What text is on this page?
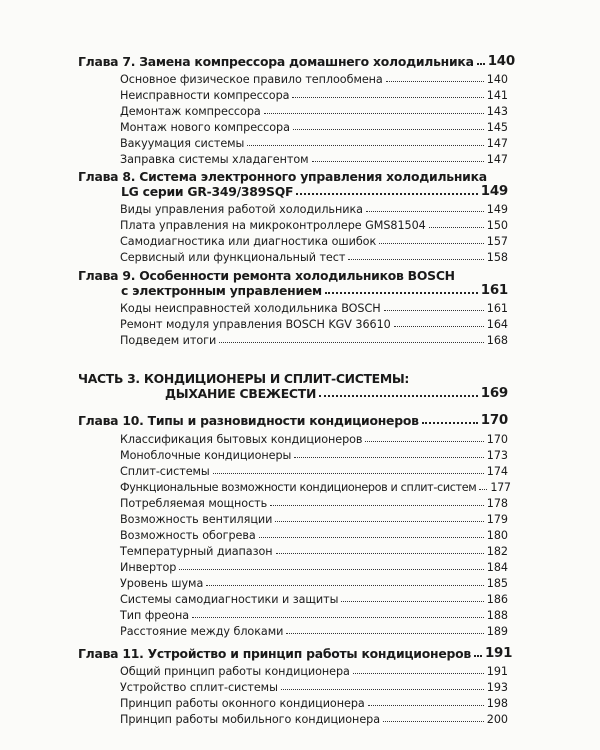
Глава 7. Замена компрессора домашнего холодильника 140
Основное физическое правило теплообмена	140
Неисправности компрессора	141
Демонтаж компрессора	143
Монтаж нового компрессора	145
Вакуумация системы	147
Заправка системы хладагентом	147
Глава 8. Система электронного управления холодильника
LG серии GR-349/389SQF	149
Виды управления работой холодильника	149
Плата управления на микроконтроллере GMS81504	150
Самодиагностика или диагностика ошибок	157
Сервисный или функциональный тест	158
Глава 9. Особенности ремонта холодильников BOSCH
с электронным управлением	161
Коды неисправностей холодильника BOSCH	161
Ремонт модуля управления BOSCH KGV 36610	164
Подведем итоги	168
ЧАСТЬ 3. КОНДИЦИОНЕРЫ И СПЛИТ-СИСТЕМЫ:
ДЫХАНИЕ СВЕЖЕСТИ	169
Глава 10. Типы и разновидности кондиционеров	170
Классификация бытовых кондиционеров	170
Моноблочные кондиционеры	173
Сплит-системы	174
Функциональные возможности кондиционеров и сплит-систем 177
Потребляемая мощность	178
Возможность вентиляции	179
Возможность обогрева	180
Температурный диапазон	182
Инвертор	184
Уровень шума	185
Системы самодиагностики и защиты	186
Тип фреона	188
Расстояние между блоками	189
Глава 11. Устройство и принцип работы кондиционеров 191
Общий принцип работы кондиционера	191
Устройство сплит-системы	193
Принцип работы оконного кондиционера	198
Принцип работы мобильного кондиционера	200
